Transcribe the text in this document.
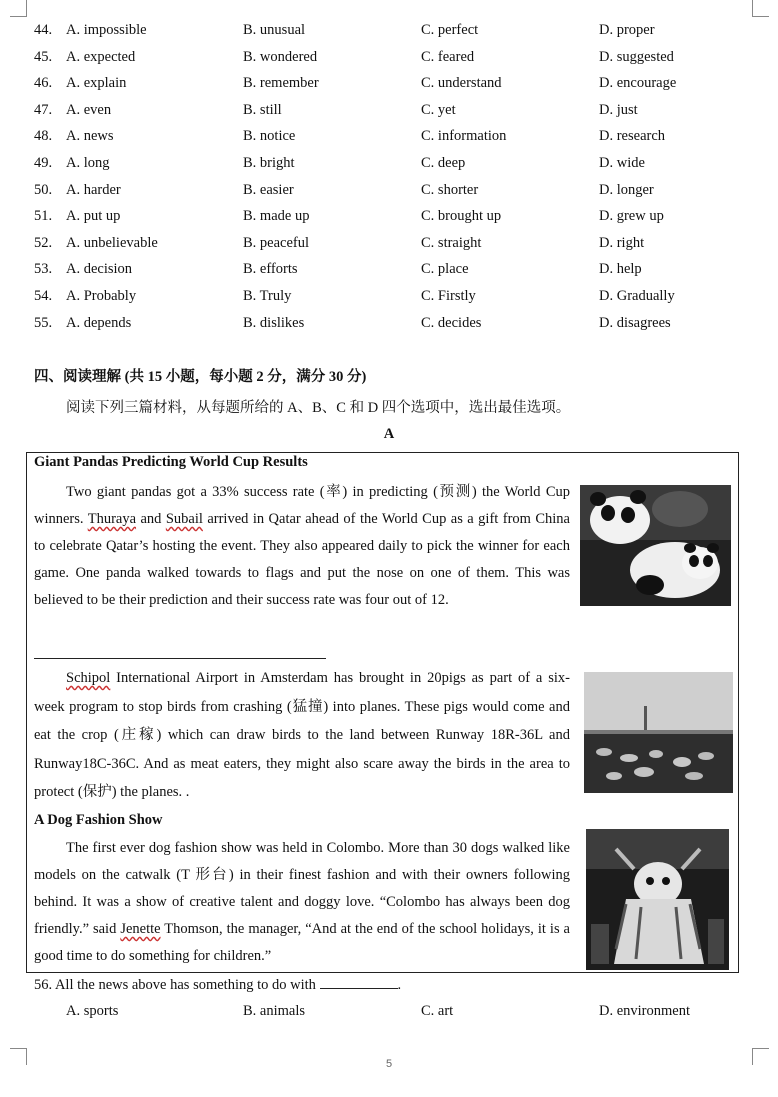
44. A. impossible	B. unusual	C. perfect	D. proper
45. A. expected	B. wondered	C. feared	D. suggested
46. A. explain	B. remember	C. understand	D. encourage
47. A. even	B. still	C. yet	D. just
48. A. news	B. notice	C. information	D. research
49. A. long	B. bright	C. deep	D. wide
50. A. harder	B. easier	C. shorter	D. longer
51. A. put up	B. made up	C. brought up	D. grew up
52. A. unbelievable	B. peaceful	C. straight	D. right
53. A. decision	B. efforts	C. place	D. help
54. A. Probably	B. Truly	C. Firstly	D. Gradually
55. A. depends	B. dislikes	C. decides	D. disagrees
四、阅读理解 (共 15 小题，每小题 2 分，满分 30 分)
阅读下列三篇材料，从每题所给的 A、B、C 和 D 四个选项中，选出最佳选项。
A
Giant Pandas Predicting World Cup Results

Two giant pandas got a 33% success rate (率) in predicting (预测) the World Cup winners. Thuraya and Subail arrived in Qatar ahead of the World Cup as a gift from China to celebrate Qatar’s hosting the event. They also appeared daily to pick the winner for each game. One panda walked towards to flags and put the nose on one of them. This was believed to be their prediction and their success rate was four out of 12.

Schipol International Airport in Amsterdam has brought in 20pigs as part of a six-week program to stop birds from crashing (猛撞) into planes. These pigs would come and eat the crop (庄稼) which can draw birds to the land between Runway 18R-36L and Runway18C-36C. And as meat eaters, they might also scare away the birds in the area to protect (保护) the planes. .

A Dog Fashion Show

The first ever dog fashion show was held in Colombo. More than 30 dogs walked like models on the catwalk (T 形台) in their finest fashion and with their owners following behind. It was a show of creative talent and doggy love. “Colombo has always been dog friendly.” said Jenette Thomson, the manager, “And at the end of the school holidays, it is a good time to do something for children.”

56. All the news above has something to do with	.
A. sports	B. animals	C. art	D. environment
5
